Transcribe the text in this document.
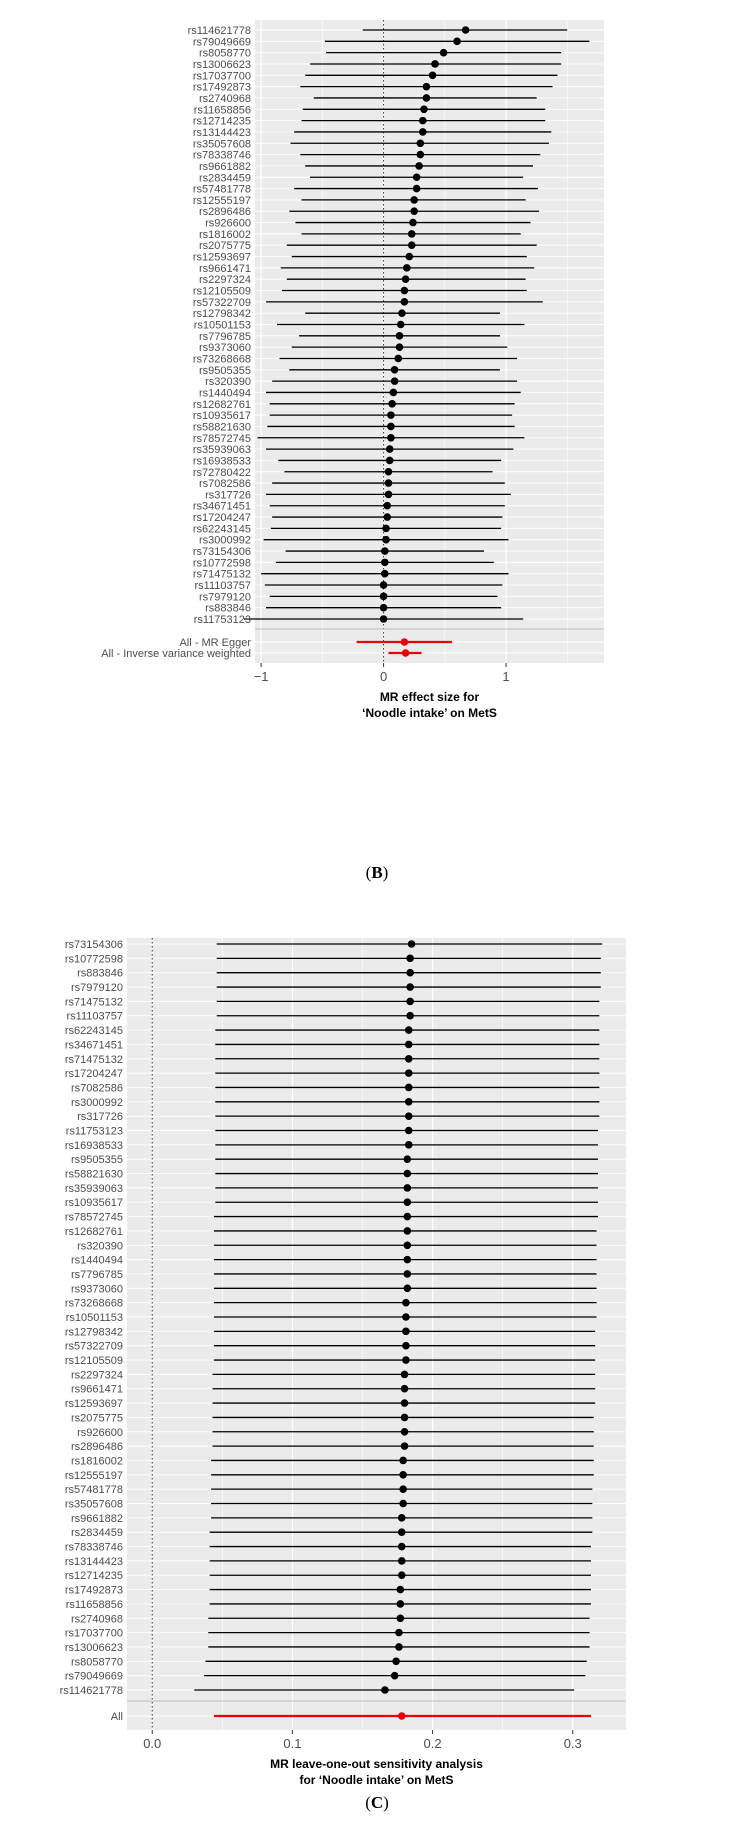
rs114621778
rs79049669
rs8058770
rs13006623
rs17037700
rs17492873
rs2740968
rs11658856
rs12714235
rs13144423
rs35057608
rs78338746
rs9661882
rs2834459
rs57481778
rs12555197
rs2896486
rs926600
rs1816002
rs2075775
rs12593697
rs9661471
rs2297324
rs12105509
rs57322709
rs12798342
rs10501153
rs7796785
rs9373060
rs73268668
rs9505355
rs320390
rs1440494
rs12682761
rs10935617
rs58821630
rs78572745
rs35939063
rs16938533
rs72780422
rs7082586
rs317726
rs34671451
rs17204247
rs62243145
rs3000992
rs73154306
rs10772598
rs71475132
rs11103757
rs7979120
rs883846
rs11753123
All - MR Egger
All - Inverse variance weighted
−1	0	1
MR effect size for
‘Noodle intake’ on MetS
(B)
rs73154306
rs10772598
rs883846
rs7979120
rs71475132
rs11103757
rs62243145
rs34671451
rs71475132
rs17204247
rs7082586
rs3000992
rs317726
rs11753123
rs16938533
rs9505355
rs58821630
rs35939063
rs10935617
rs78572745
rs12682761
rs320390
rs1440494
rs7796785
rs9373060
rs73268668
rs10501153
rs12798342
rs57322709
rs12105509
rs2297324
rs9661471
rs12593697
rs2075775
rs926600
rs2896486
rs1816002
rs12555197
rs57481778
rs35057608
rs9661882
rs2834459
rs78338746
rs13144423
rs12714235
rs17492873
rs11658856
rs2740968
rs17037700
rs13006623
rs8058770
rs79049669
rs114621778
All
0.0	0.1	0.2	0.3
MR leave-one-out sensitivity analysis
for ‘Noodle intake’ on MetS
(C)
